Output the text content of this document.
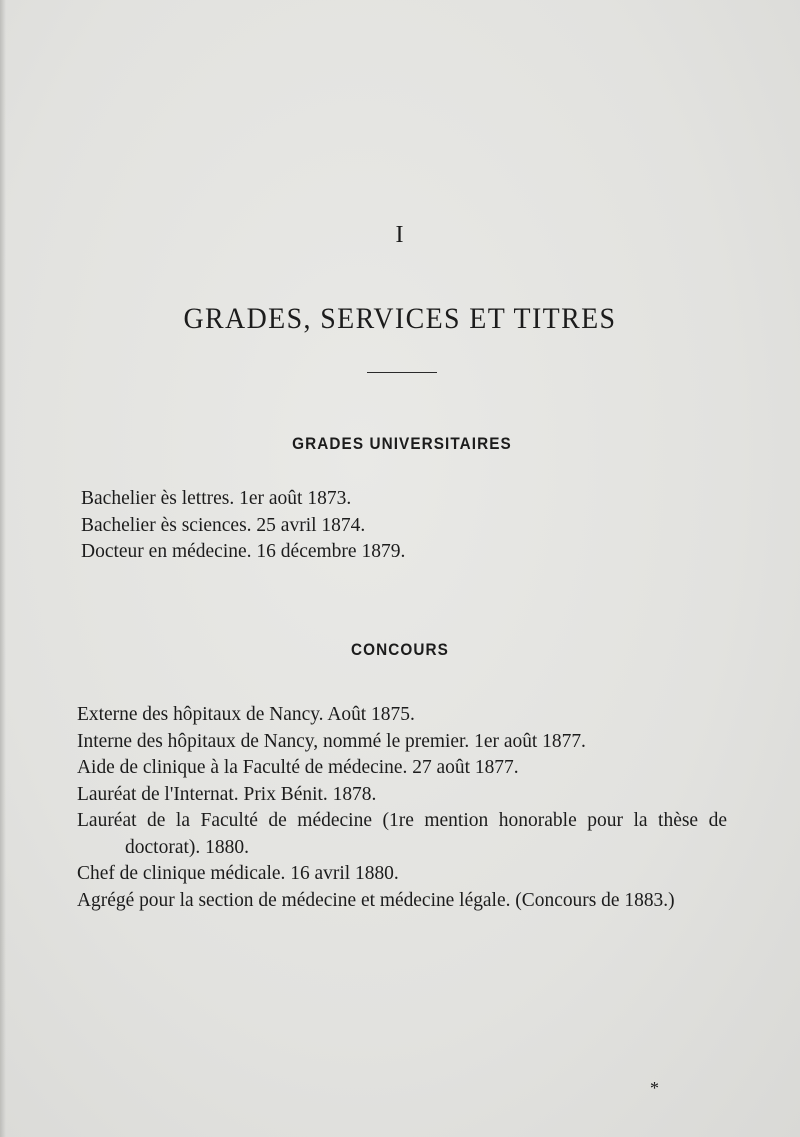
I
GRADES, SERVICES ET TITRES
GRADES UNIVERSITAIRES
Bachelier ès lettres. 1er août 1873.
Bachelier ès sciences. 25 avril 1874.
Docteur en médecine. 16 décembre 1879.
CONCOURS
Externe des hôpitaux de Nancy. Août 1875.
Interne des hôpitaux de Nancy, nommé le premier. 1er août 1877.
Aide de clinique à la Faculté de médecine. 27 août 1877.
Lauréat de l'Internat. Prix Bénit. 1878.
Lauréat de la Faculté de médecine (1re mention honorable pour la thèse de doctorat). 1880.
Chef de clinique médicale. 16 avril 1880.
Agrégé pour la section de médecine et médecine légale. (Concours de 1883.)
*
